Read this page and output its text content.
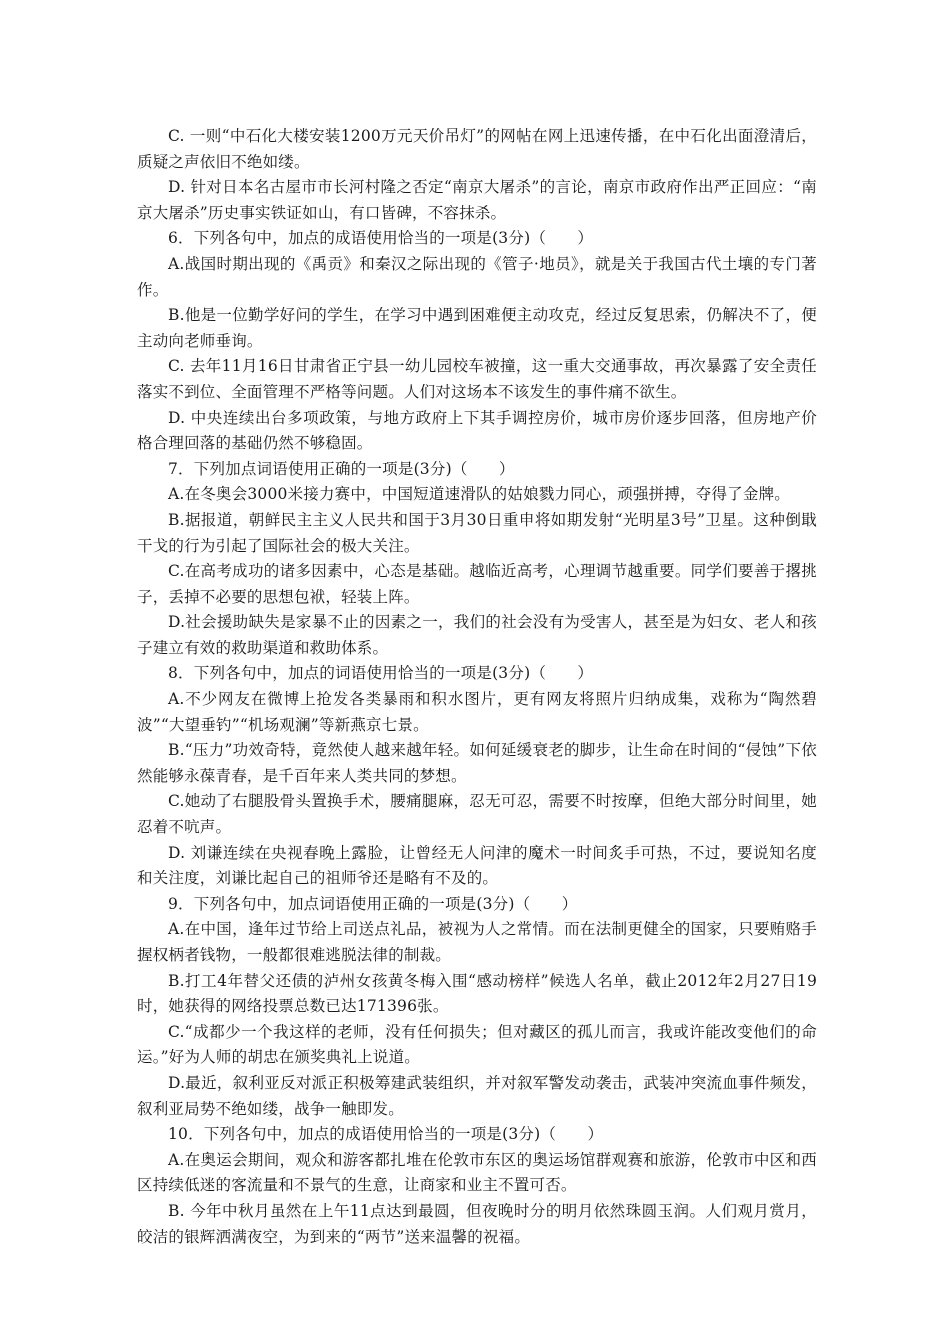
C. 一则“中石化大楼安装1200万元天价吊灯”的网帖在网上迅速传播，在中石化出面澄清后，质疑之声依旧不绝如缕。

D. 针对日本名古屋市市长河村隆之否定“南京大屠杀”的言论，南京市政府作出严正回应：“南京大屠杀”历史事实铁证如山，有口皆碑，不容抹杀。

6．下列各句中，加点的成语使用恰当的一项是(3分)（　　）

A.战国时期出现的《禹贡》和秦汉之际出现的《管子·地员》，就是关于我国古代土壤的专门著作。

B.他是一位勤学好问的学生，在学习中遇到困难便主动攻克，经过反复思索，仍解决不了，便主动向老师垂询。

C. 去年11月16日甘肃省正宁县一幼儿园校车被撞，这一重大交通事故，再次暴露了安全责任落实不到位、全面管理不严格等问题。人们对这场本不该发生的事件痛不欲生。

D. 中央连续出台多项政策，与地方政府上下其手调控房价，城市房价逐步回落，但房地产价格合理回落的基础仍然不够稳固。

7．下列加点词语使用正确的一项是(3分)（　　）

A.在冬奥会3000米接力赛中，中国短道速滑队的姑娘戮力同心，顽强拼搏，夺得了金牌。

B.据报道，朝鲜民主主义人民共和国于3月30日重申将如期发射“光明星3号”卫星。这种倒戢干戈的行为引起了国际社会的极大关注。

C.在高考成功的诸多因素中，心态是基础。越临近高考，心理调节越重要。同学们要善于撂挑子，丢掉不必要的思想包袱，轻装上阵。

D.社会援助缺失是家暴不止的因素之一，我们的社会没有为受害人，甚至是为妇女、老人和孩子建立有效的救助渠道和救助体系。

8．下列各句中，加点的词语使用恰当的一项是(3分)（　　）

A.不少网友在微博上抢发各类暴雨和积水图片，更有网友将照片归纳成集，戏称为“陶然碧波”“大望垂钓”“机场观澜”等新燕京七景。

B.“压力”功效奇特，竟然使人越来越年轻。如何延缓衰老的脚步，让生命在时间的“侵蚀”下依然能够永葆青春，是千百年来人类共同的梦想。

C.她动了右腿股骨头置换手术，腰痛腿麻，忍无可忍，需要不时按摩，但绝大部分时间里，她忍着不吭声。

D. 刘谦连续在央视春晚上露脸，让曾经无人问津的魔术一时间炙手可热，不过，要说知名度和关注度，刘谦比起自己的祖师爷还是略有不及的。

9．下列各句中，加点词语使用正确的一项是(3分)（　　）

A.在中国，逢年过节给上司送点礼品，被视为人之常情。而在法制更健全的国家，只要贿赂手握权柄者钱物，一般都很难逃脱法律的制裁。

B.打工4年替父还债的泸州女孩黄冬梅入围“感动榜样”候选人名单，截止2012年2月27日19时，她获得的网络投票总数已达171396张。

C.“成都少一个我这样的老师，没有任何损失；但对藏区的孤儿而言，我或许能改变他们的命运。”好为人师的胡忠在颁奖典礼上说道。

D.最近，叙利亚反对派正积极筹建武装组织，并对叙军警发动袭击，武装冲突流血事件频发，叙利亚局势不绝如缕，战争一触即发。

10．下列各句中，加点的成语使用恰当的一项是(3分)（　　）

A.在奥运会期间，观众和游客都扎堆在伦敦市东区的奥运场馆群观赛和旅游，伦敦市中区和西区持续低迷的客流量和不景气的生意，让商家和业主不置可否。

B. 今年中秋月虽然在上午11点达到最圆，但夜晚时分的明月依然珠圆玉润。人们观月赏月，皎洁的银辉洒满夜空，为到来的“两节”送来温馨的祝福。
